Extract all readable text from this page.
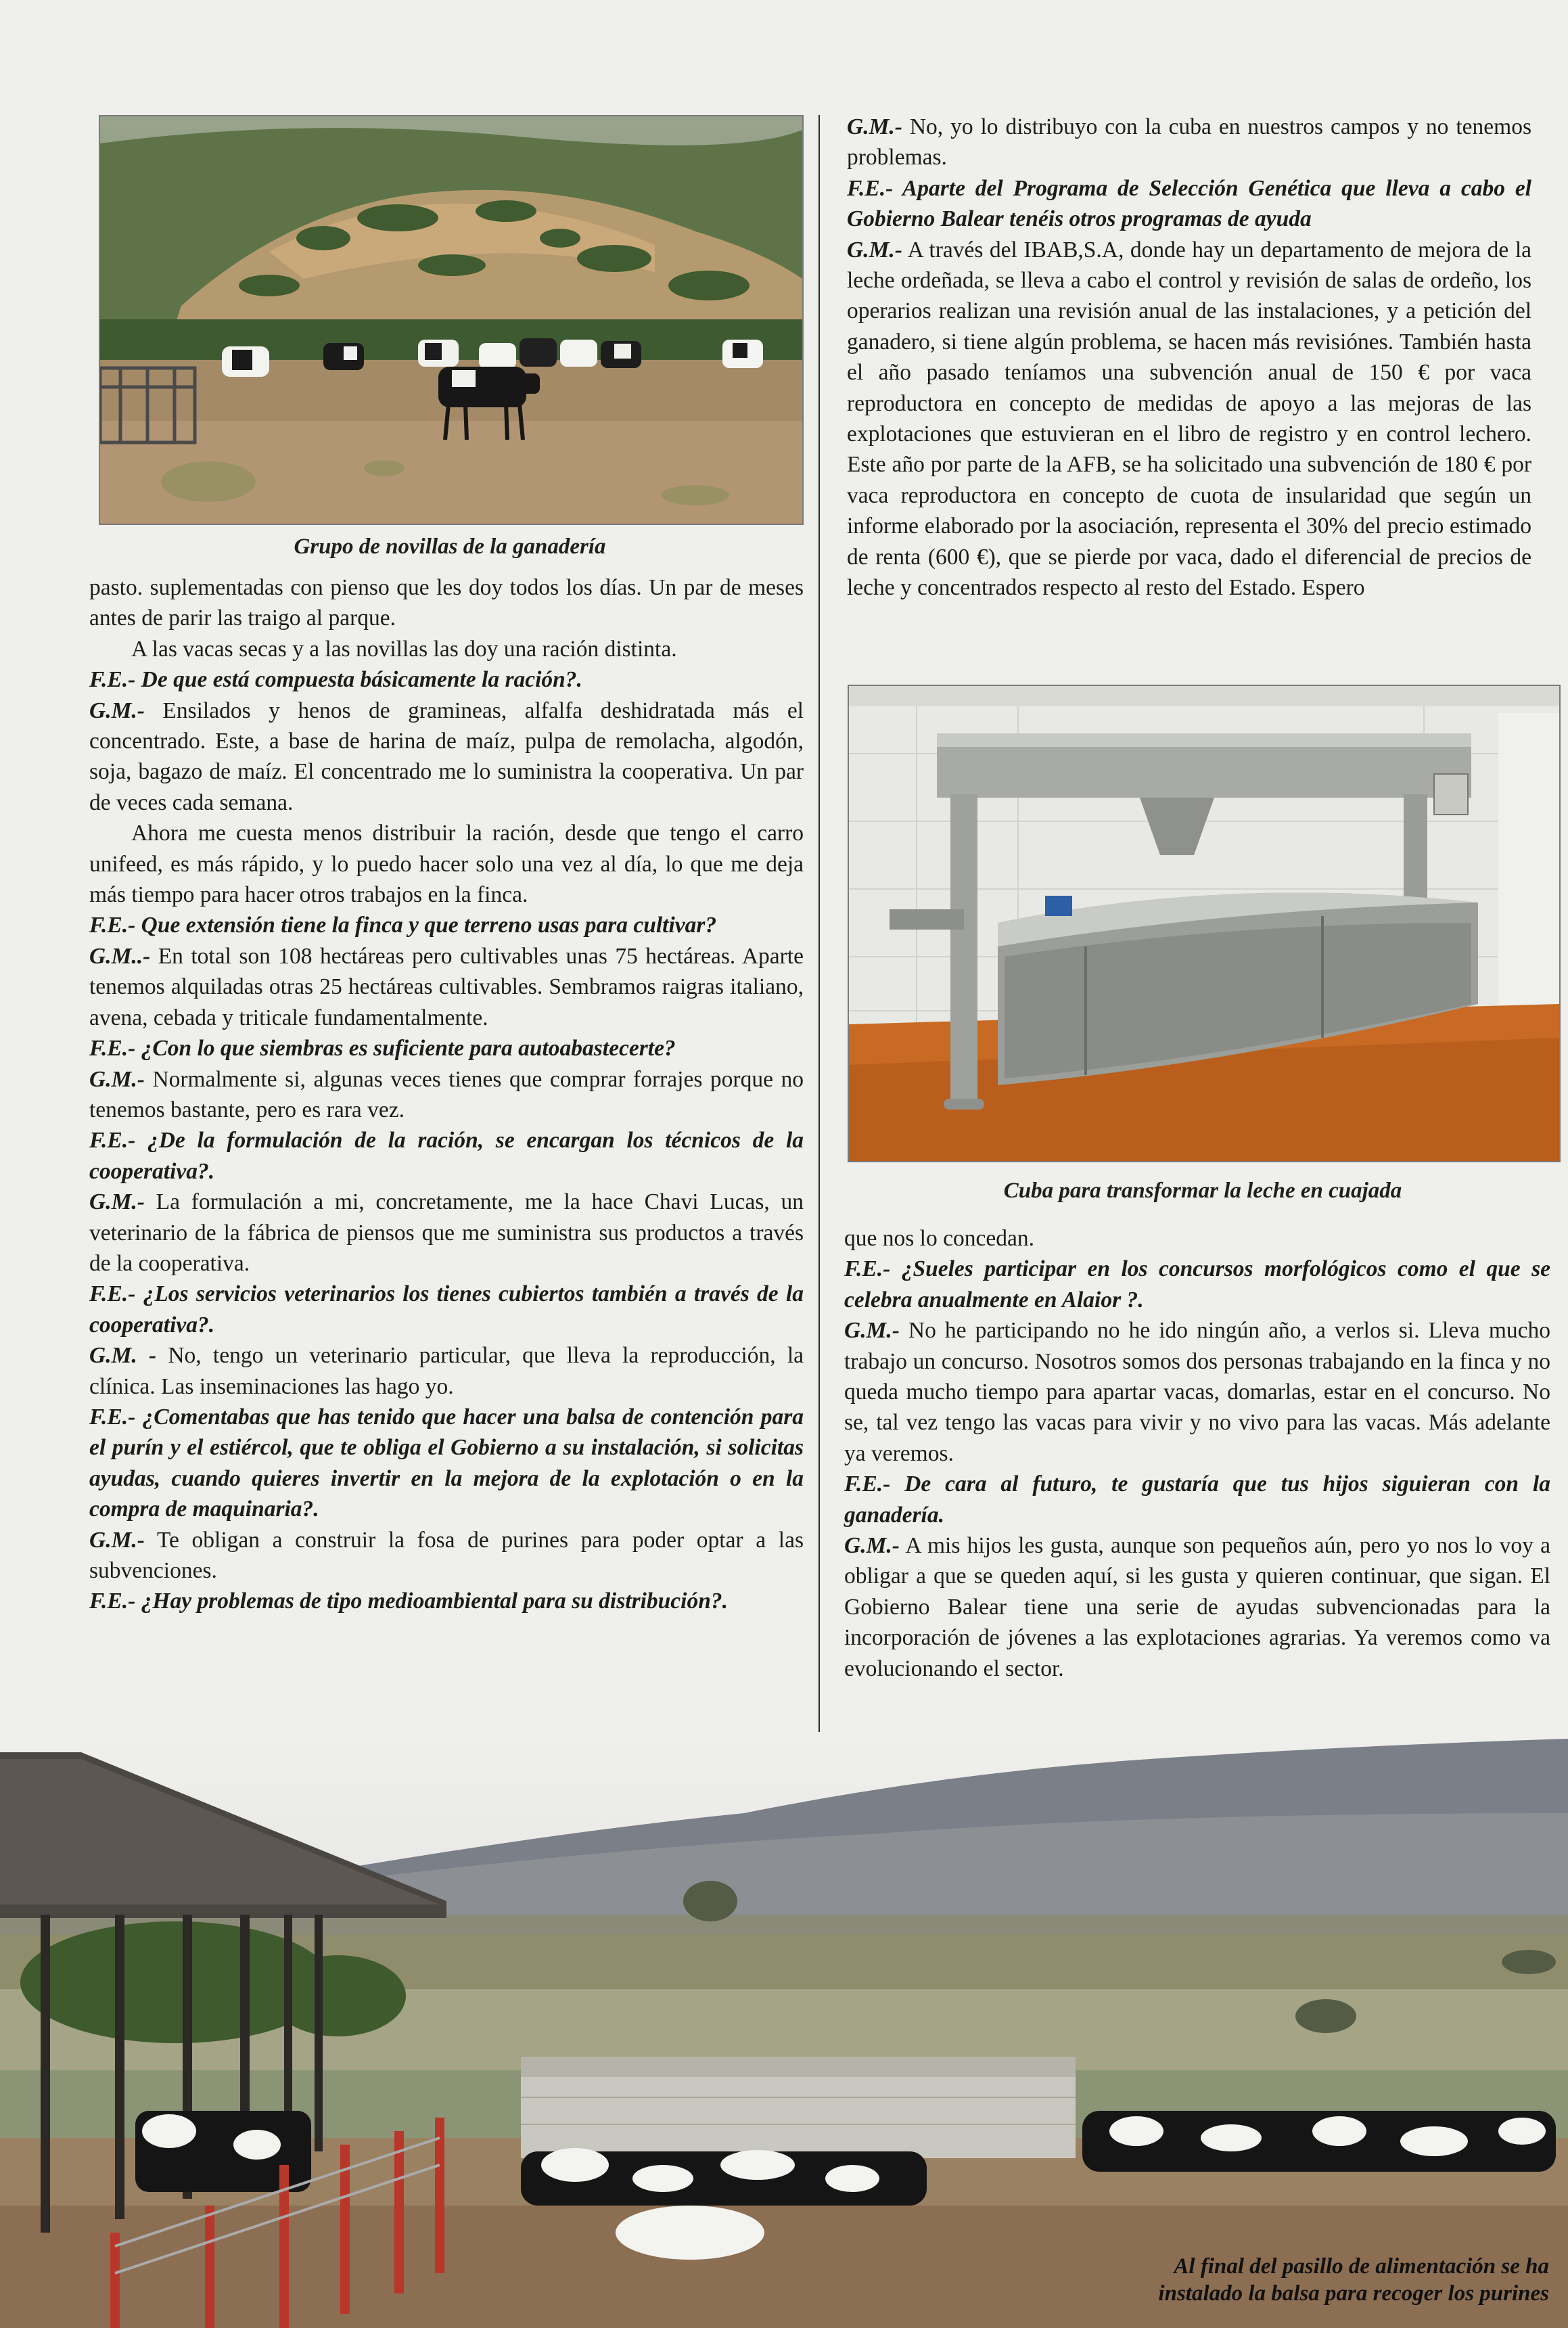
Grupo de novillas de la ganadería

pasto. suplementadas con pienso que les doy todos los días. Un par de meses antes de parir las traigo al parque.

A las vacas secas y a las novillas las doy una ración distinta.

F.E.- De que está compuesta básicamente la ración?.

G.M.- Ensilados y henos de gramineas, alfalfa deshidratada más el concentrado. Este, a base de harina de maíz, pulpa de remolacha, algodón, soja, bagazo de maíz. El concentrado me lo suministra la cooperativa. Un par de veces cada semana.

Ahora me cuesta menos distribuir la ración, desde que tengo el carro unifeed, es más rápido, y lo puedo hacer solo una vez al día, lo que me deja más tiempo para hacer otros trabajos en la finca.

F.E.- Que extensión tiene la finca y que terreno usas para cultivar?

G.M..- En total son 108 hectáreas pero cultivables unas 75 hectáreas. Aparte tenemos alquiladas otras 25 hectáreas cultivables. Sembramos raigras italiano, avena, cebada y triticale fundamentalmente.

F.E.- ¿Con lo que siembras es suficiente para autoabastecerte?

G.M.- Normalmente si, algunas veces tienes que comprar forrajes porque no tenemos bastante, pero es rara vez.

F.E.- ¿De la formulación de la ración, se encargan los técnicos de la cooperativa?.

G.M.- La formulación a mi, concretamente, me la hace Chavi Lucas, un veterinario de la fábrica de piensos que me suministra sus productos a través de la cooperativa.

F.E.- ¿Los servicios veterinarios los tienes cubiertos también a través de la cooperativa?.

G.M. - No, tengo un veterinario particular, que lleva la reproducción, la clínica. Las inseminaciones las hago yo.

F.E.- ¿Comentabas que has tenido que hacer una balsa de contención para el purín y el estiércol, que te obliga el Gobierno a su instalación, si solicitas ayudas, cuando quieres invertir en la mejora de la explotación o en la compra de maquinaria?.

G.M.- Te obligan a construir la fosa de purines para poder optar a las subvenciones.

F.E.- ¿Hay problemas de tipo medioambiental para su distribución?.

G.M.- No, yo lo distribuyo con la cuba en nuestros campos y no tenemos problemas.

F.E.- Aparte del Programa de Selección Genética que lleva a cabo el Gobierno Balear tenéis otros programas de ayuda

G.M.- A través del IBAB,S.A, donde hay un departamento de mejora de la leche ordeñada, se lleva a cabo el control y revisión de salas de ordeño, los operarios realizan una revisión anual de las instalaciones, y a petición del ganadero, si tiene algún problema, se hacen más revisiónes. También hasta el año pasado teníamos una subvención anual de 150 € por vaca reproductora en concepto de medidas de apoyo a las mejoras de las explotaciones que estuvieran en el libro de registro y en control lechero. Este año por parte de la AFB, se ha solicitado una subvención de 180 € por vaca reproductora en concepto de cuota de insularidad que según un informe elaborado por la asociación, representa el 30% del precio estimado de renta (600 €), que se pierde por vaca, dado el diferencial de precios de leche y concentrados respecto al resto del Estado. Espero

Cuba para transformar la leche en cuajada

que nos lo concedan.

F.E.- ¿Sueles participar en los concursos morfológicos como el que se celebra anualmente en Alaior ?.

G.M.- No he participando no he ido ningún año, a verlos si. Lleva mucho trabajo un concurso. Nosotros somos dos personas trabajando en la finca y no queda mucho tiempo para apartar vacas, domarlas, estar en el concurso. No se, tal vez tengo las vacas para vivir y no vivo para las vacas. Más adelante ya veremos.

F.E.- De cara al futuro, te gustaría que tus hijos siguieran con la ganadería.

G.M.- A mis hijos les gusta, aunque son pequeños aún, pero yo nos lo voy a obligar a que se queden aquí, si les gusta y quieren continuar, que sigan. El Gobierno Balear tiene una serie de ayudas subvencionadas para la incorporación de jóvenes a las explotaciones agrarias. Ya veremos como va evolucionando el sector.

Al final del pasillo de alimentación se ha
instalado la balsa para recoger los purines
